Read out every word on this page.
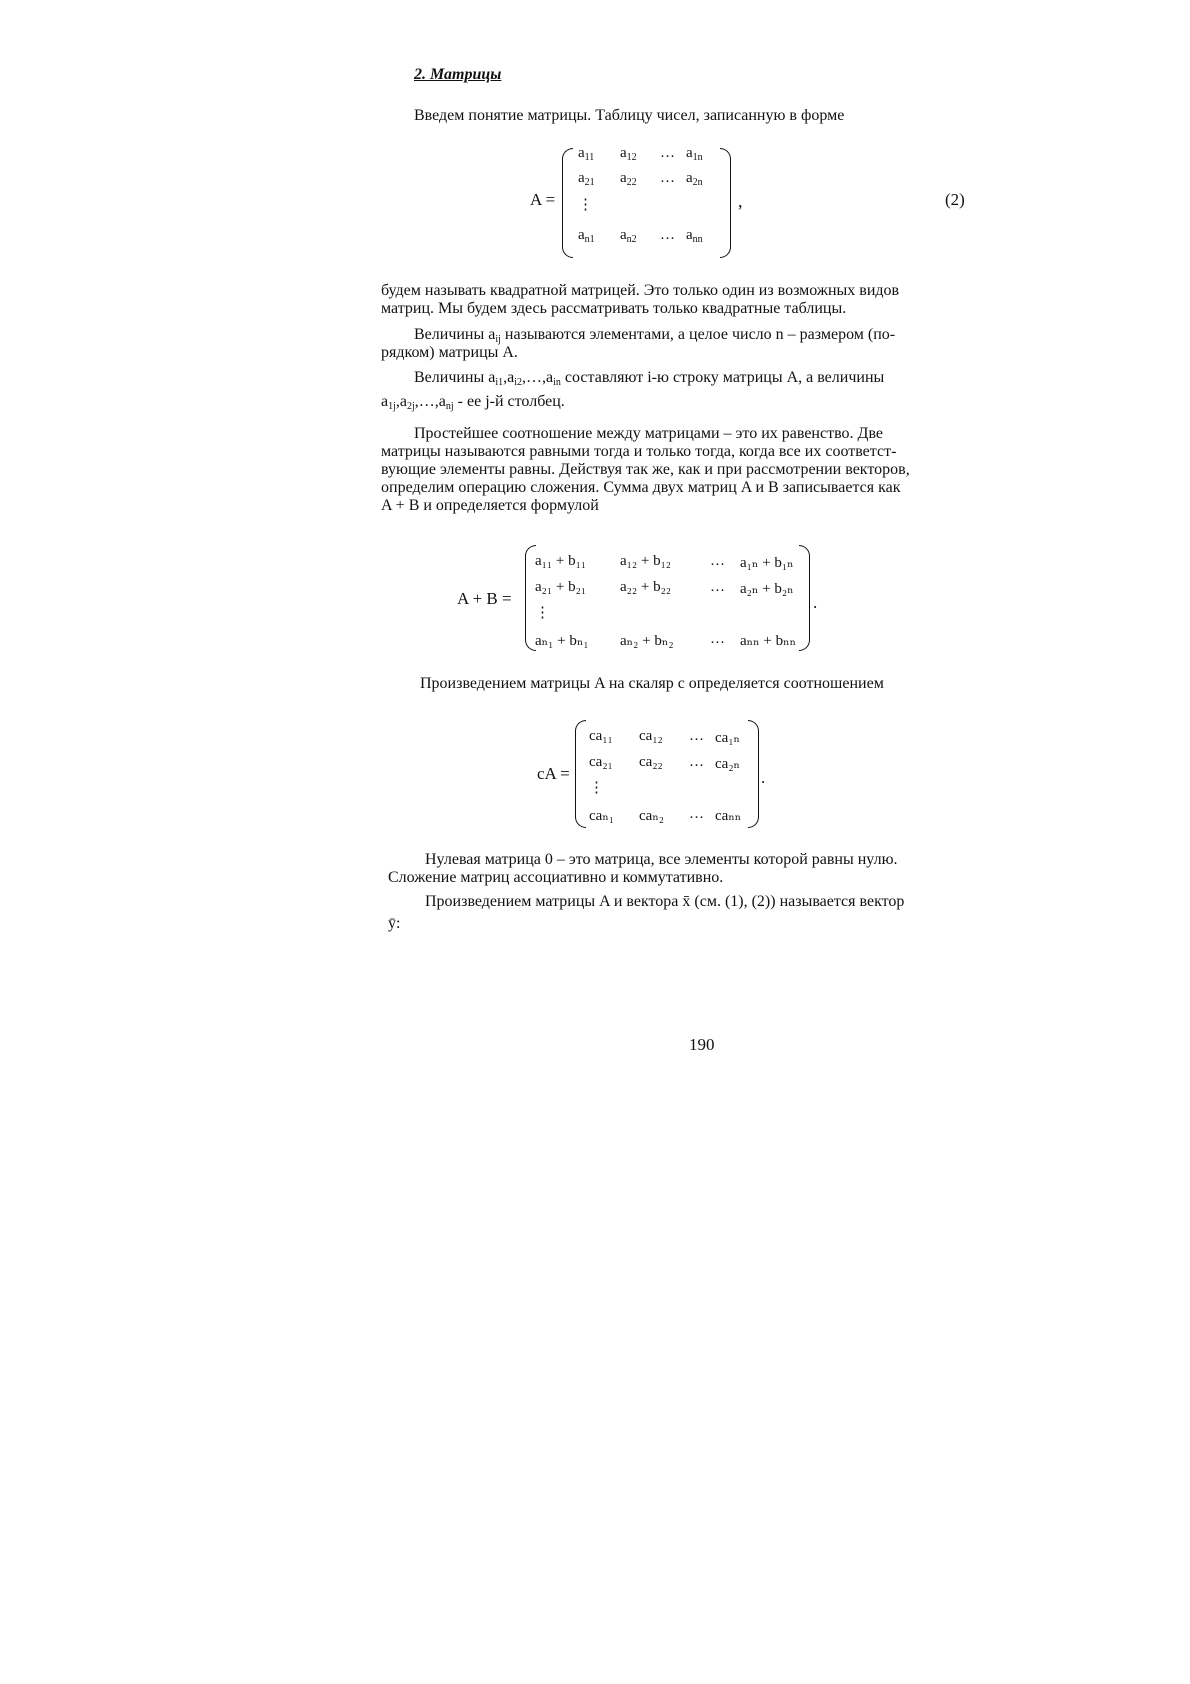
2. Матрицы
Введем понятие матрицы. Таблицу чисел, записанную в форме
A =
$a_{11}$ $a_{12}$ … $a_{1n}$
$a_{21}$ $a_{22}$ … $a_{2n}$
⋮
$a_{n1}$ $a_{n2}$ … $a_{nn}$
,	(2)
будем называть квадратной матрицей. Это только один из возможных видов
матриц. Мы будем здесь рассматривать только квадратные таблицы.
Величины $a_{ij}$ называются элементами, а целое число n – размером (по-
рядком) матрицы A.
Величины $a_{i1},a_{i2},\dots,a_{in}$ составляют i-ю строку матрицы A, а величины
$a_{1j},a_{2j},\dots,a_{nj}$ - ее j-й столбец.
Простейшее соотношение между матрицами – это их равенство. Две
матрицы называются равными тогда и только тогда, когда все их соответст-
вующие элементы равны. Действуя так же, как и при рассмотрении векторов,
определим операцию сложения. Сумма двух матриц A и B записывается как
A + B и определяется формулой
A + B =
a₁₁ + b₁₁ a₁₂ + b₁₂	… a₁ₙ + b₁ₙ
a₂₁ + b₂₁ a₂₂ + b₂₂	… a₂ₙ + b₂ₙ
⋮
aₙ₁ + bₙ₁ aₙ₂ + bₙ₂ … aₙₙ + bₙₙ
.
Произведением матрицы A на скаляр c определяется соотношением
cA =
ca₁₁ ca₁₂ … ca₁ₙ
ca₂₁ ca₂₂ … ca₂ₙ
⋮
caₙ₁ caₙ₂ … caₙₙ
.
Нулевая матрица 0 – это матрица, все элементы которой равны нулю.
Сложение матриц ассоциативно и коммутативно.
Произведением матрицы A и вектора x̄ (см. (1), (2)) называется вектор
ȳ:
190
